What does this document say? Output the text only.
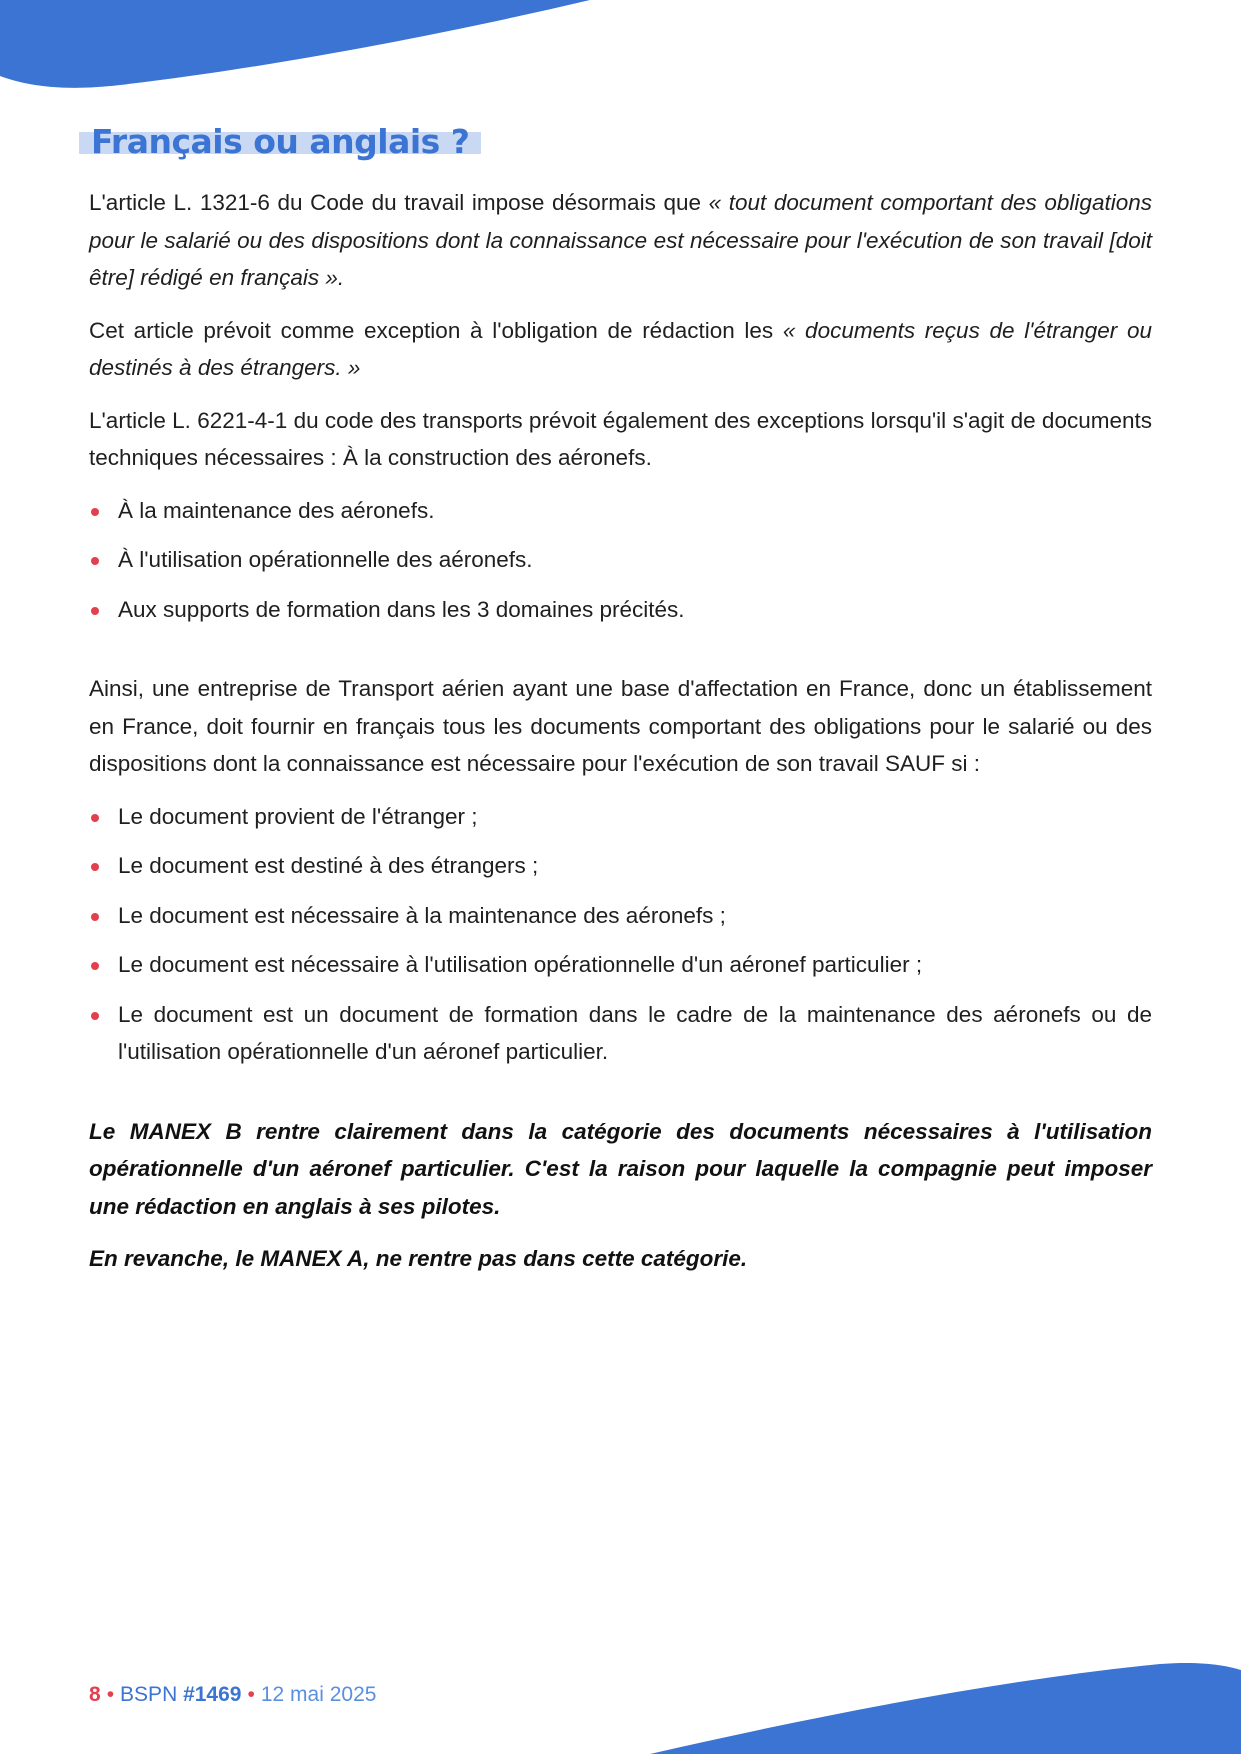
Français ou anglais ?

L'article L. 1321-6 du Code du travail impose désormais que « tout document comportant des obligations pour le salarié ou des dispositions dont la connaissance est nécessaire pour l'exécution de son travail [doit être] rédigé en français ».

Cet article prévoit comme exception à l'obligation de rédaction les « documents reçus de l'étranger ou destinés à des étrangers. »

L'article L. 6221-4-1 du code des transports prévoit également des exceptions lorsqu'il s'agit de documents techniques nécessaires : À la construction des aéronefs.

À la maintenance des aéronefs.
À l'utilisation opérationnelle des aéronefs.
Aux supports de formation dans les 3 domaines précités.

Ainsi, une entreprise de Transport aérien ayant une base d'affectation en France, donc un établissement en France, doit fournir en français tous les documents comportant des obligations pour le salarié ou des dispositions dont la connaissance est nécessaire pour l'exécution de son travail SAUF si :

Le document provient de l'étranger ;
Le document est destiné à des étrangers ;
Le document est nécessaire à la maintenance des aéronefs ;
Le document est nécessaire à l'utilisation opérationnelle d'un aéronef particulier ;
Le document est un document de formation dans le cadre de la maintenance des aéronefs ou de l'utilisation opérationnelle d'un aéronef particulier.

Le MANEX B rentre clairement dans la catégorie des documents nécessaires à l'utilisation opérationnelle d'un aéronef particulier. C'est la raison pour laquelle la compagnie peut imposer une rédaction en anglais à ses pilotes.

En revanche, le MANEX A, ne rentre pas dans cette catégorie.

8 • BSPN #1469 • 12 mai 2025
